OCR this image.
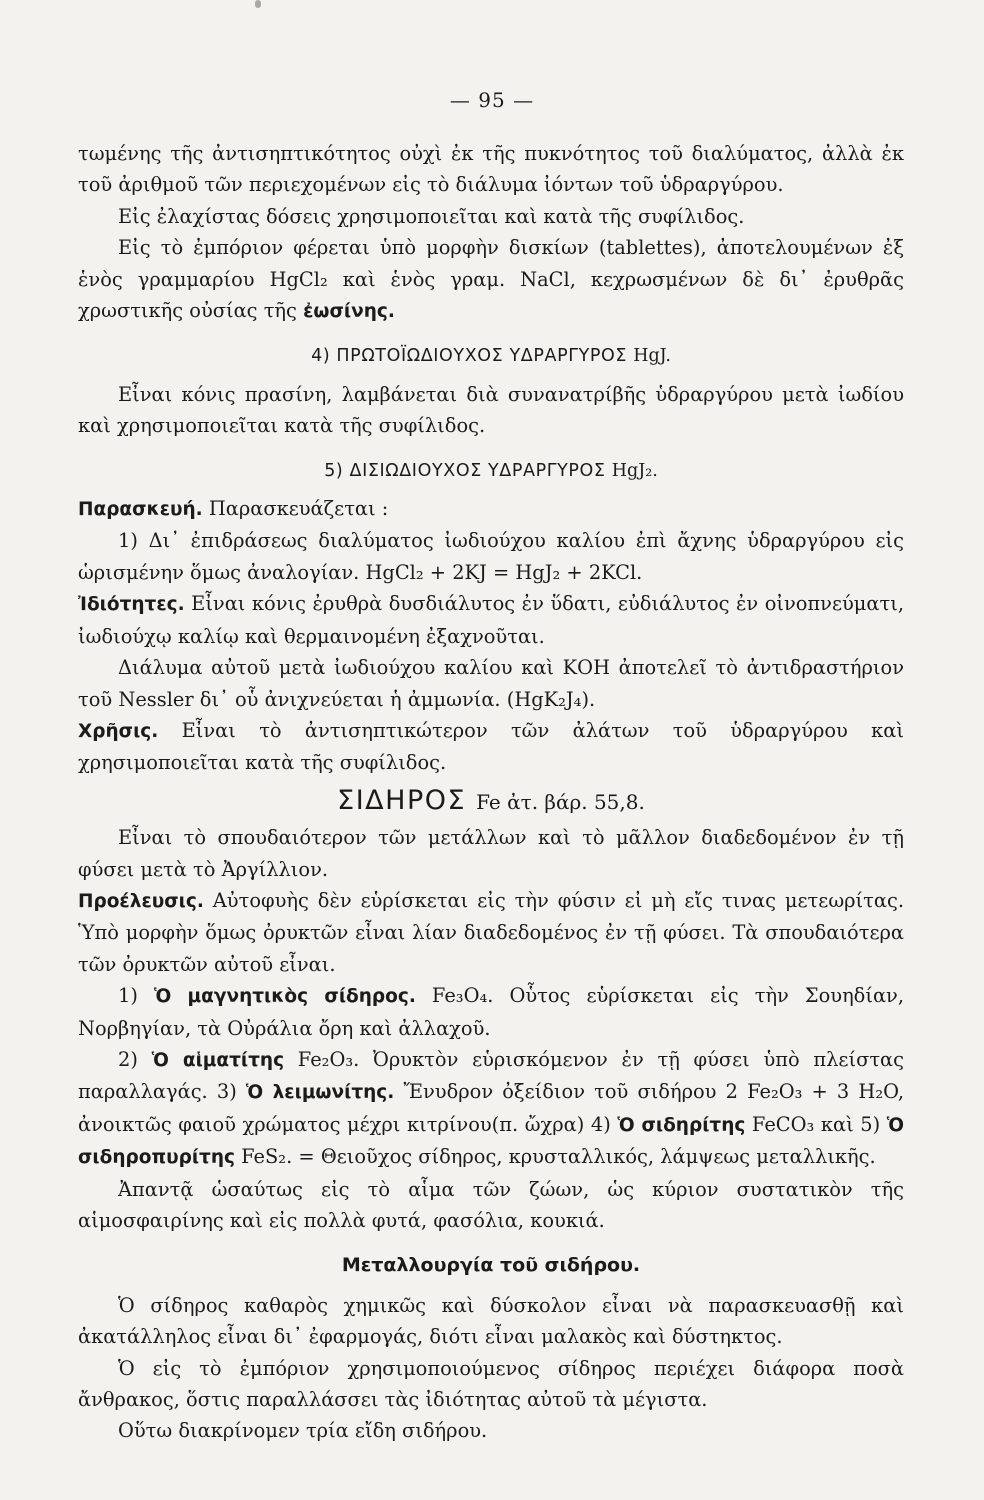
— 95 —

τωμένης τῆς ἀντισηπτικότητος οὐχὶ ἐκ τῆς πυκνότητος τοῦ διαλύματος, ἀλλὰ ἐκ τοῦ ἀριθμοῦ τῶν περιεχομένων εἰς τὸ διάλυμα ἰόντων τοῦ ὑδραργύρου.

Εἰς ἐλαχίστας δόσεις χρησιμοποιεῖται καὶ κατὰ τῆς συφίλιδος.

Εἰς τὸ ἐμπόριον φέρεται ὑπὸ μορφὴν δισκίων (tablettes), ἀποτελουμένων ἐξ ἑνὸς γραμμαρίου HgCl₂ καὶ ἑνὸς γραμ. NaCl, κεχρωσμένων δὲ δι᾽ ἐρυθρᾶς χρωστικῆς οὐσίας τῆς ἐωσίνης.

4) ΠΡΩΤΟΪΩΔΙΟΥΧΟΣ ΥΔΡΑΡΓΥΡΟΣ HgJ.

Εἶναι κόνις πρασίνη, λαμβάνεται διὰ συνανατρίβῆς ὑδραργύρου μετὰ ἰωδίου καὶ χρησιμοποιεῖται κατὰ τῆς συφίλιδος.

5) ΔΙΣΙΩΔΙΟΥΧΟΣ ΥΔΡΑΡΓΥΡΟΣ HgJ₂.

Παρασκευή. Παρασκευάζεται :

1) Δι᾽ ἐπιδράσεως διαλύματος ἰωδιούχου καλίου ἐπὶ ἄχνης ὑδραργύρου εἰς ὡρισμένην ὅμως ἀναλογίαν. HgCl₂ + 2KJ = HgJ₂ + 2KCl.

Ἰδιότητες. Εἶναι κόνις ἐρυθρὰ δυσδιάλυτος ἐν ὕδατι, εὐδιάλυτος ἐν οἰνοπνεύματι, ἰωδιούχῳ καλίῳ καὶ θερμαινομένη ἐξαχνοῦται.

Διάλυμα αὐτοῦ μετὰ ἰωδιούχου καλίου καὶ ΚΟΗ ἀποτελεῖ τὸ ἀντιδραστήριον τοῦ Nessler δι᾽ οὗ ἀνιχνεύεται ἡ ἀμμωνία. (HgK₂J₄).

Χρῆσις. Εἶναι τὸ ἀντισηπτικώτερον τῶν ἀλάτων τοῦ ὑδραργύρου καὶ χρησιμοποιεῖται κατὰ τῆς συφίλιδος.

ΣΙΔΗΡΟΣ Fe ἀτ. βάρ. 55,8.

Εἶναι τὸ σπουδαιότερον τῶν μετάλλων καὶ τὸ μᾶλλον διαδεδομένον ἐν τῇ φύσει μετὰ τὸ Ἀργίλλιον.

Προέλευσις. Αὐτοφυὴς δὲν εὑρίσκεται εἰς τὴν φύσιν εἰ μὴ εἴς τινας μετεωρίτας. Ὑπὸ μορφὴν ὅμως ὀρυκτῶν εἶναι λίαν διαδεδομένος ἐν τῇ φύσει. Τὰ σπουδαιότερα τῶν ὀρυκτῶν αὐτοῦ εἶναι.

1) Ὁ μαγνητικὸς σίδηρος. Fe₃O₄. Οὗτος εὑρίσκεται εἰς τὴν Σουηδίαν, Νορβηγίαν, τὰ Οὐράλια ὄρη καὶ ἀλλαχοῦ.

2) Ὁ αἱματίτης Fe₂O₃. Ὀρυκτὸν εὑρισκόμενον ἐν τῇ φύσει ὑπὸ πλείστας παραλλαγάς. 3) Ὁ λειμωνίτης. Ἔνυδρον ὀξείδιον τοῦ σιδήρου 2 Fe₂O₃ + 3 H₂O, ἀνοικτῶς φαιοῦ χρώματος μέχρι κιτρίνου(π. ὤχρα) 4) Ὁ σιδηρίτης FeCO₃ καὶ 5) Ὁ σιδηροπυρίτης FeS₂. = Θειοῦχος σίδηρος, κρυσταλλικός, λάμψεως μεταλλικῆς.

Ἀπαντᾷ ὡσαύτως εἰς τὸ αἷμα τῶν ζώων, ὡς κύριον συστατικὸν τῆς αἱμοσφαιρίνης καὶ εἰς πολλὰ φυτά, φασόλια, κουκιά.

Μεταλλουργία τοῦ σιδήρου.

Ὁ σίδηρος καθαρὸς χημικῶς καὶ δύσκολον εἶναι νὰ παρασκευασθῇ καὶ ἀκατάλληλος εἶναι δι᾽ ἐφαρμογάς, διότι εἶναι μαλακὸς καὶ δύστηκτος.

Ὁ εἰς τὸ ἐμπόριον χρησιμοποιούμενος σίδηρος περιέχει διάφορα ποσὰ ἄνθρακος, ὅστις παραλλάσσει τὰς ἰδιότητας αὐτοῦ τὰ μέγιστα.

Οὕτω διακρίνομεν τρία εἴδη σιδήρου.
